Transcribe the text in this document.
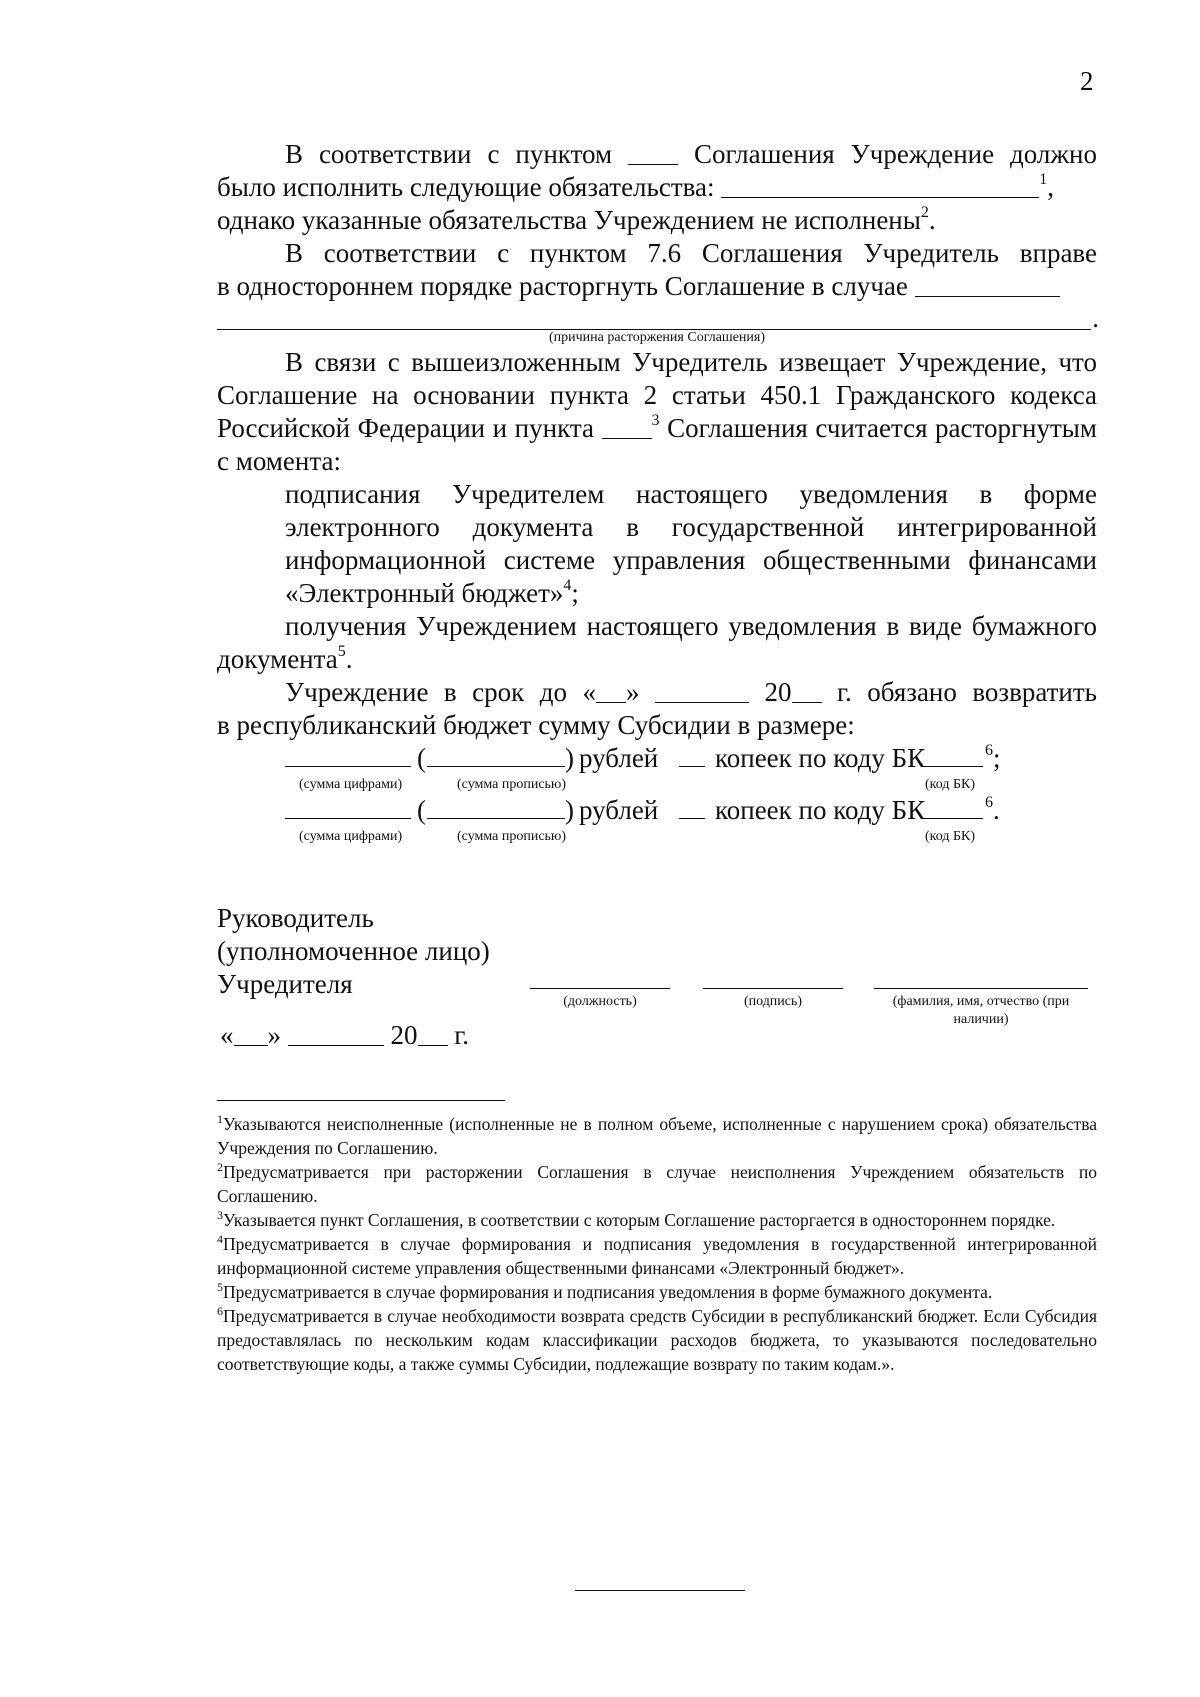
2

В соответствии с пунктом	Соглашения Учреждение должно

было исполнить следующие обязательства:	$^1$,

однако указанные обязательства Учреждением не исполнены$^2$.

В соответствии с пунктом 7.6 Соглашения Учредитель вправе

в одностороннем порядке расторгнуть Соглашение в случае

.
(причина расторжения Соглашения)

В связи с вышеизложенным Учредитель извещает Учреждение, что Соглашение на основании пункта 2 статьи 450.1 Гражданского кодекса Российской Федерации и пункта	$^3$ Соглашения считается расторгнутым с момента:

подписания Учредителем настоящего уведомления в форме электронного документа в государственной интегрированной информационной системе управления общественными финансами «Электронный бюджет»$^4$;

получения Учреждением настоящего уведомления в виде бумажного документа$^5$.

Учреждение в срок до « »	20 г. обязано возвратить

в республиканский бюджет сумму Субсидии в размере:

(	) рублей копеек по коду БК	$^6$;
(сумма цифрами)	(сумма прописью)	(код БК)
(	) рублей копеек по коду БК	$^6$.
(сумма цифрами)	(сумма прописью)	(код БК)
Руководитель
(уполномоченное лицо)
Учредителя
(должность)	(подпись)	(фамилия, имя, отчество (при наличии)
« »	20 г.

$^1$Указываются неисполненные (исполненные не в полном объеме, исполненные с нарушением срока) обязательства Учреждения по Соглашению.

$^2$Предусматривается при расторжении Соглашения в случае неисполнения Учреждением обязательств по Соглашению.

$^3$Указывается пункт Соглашения, в соответствии с которым Соглашение расторгается в одностороннем порядке.

$^4$Предусматривается в случае формирования и подписания уведомления в государственной интегрированной информационной системе управления общественными финансами «Электронный бюджет».

$^5$Предусматривается в случае формирования и подписания уведомления в форме бумажного документа.

$^6$Предусматривается в случае необходимости возврата средств Субсидии в республиканский бюджет. Если Субсидия предоставлялась по нескольким кодам классификации расходов бюджета, то указываются последовательно соответствующие коды, а также суммы Субсидии, подлежащие возврату по таким кодам.».
